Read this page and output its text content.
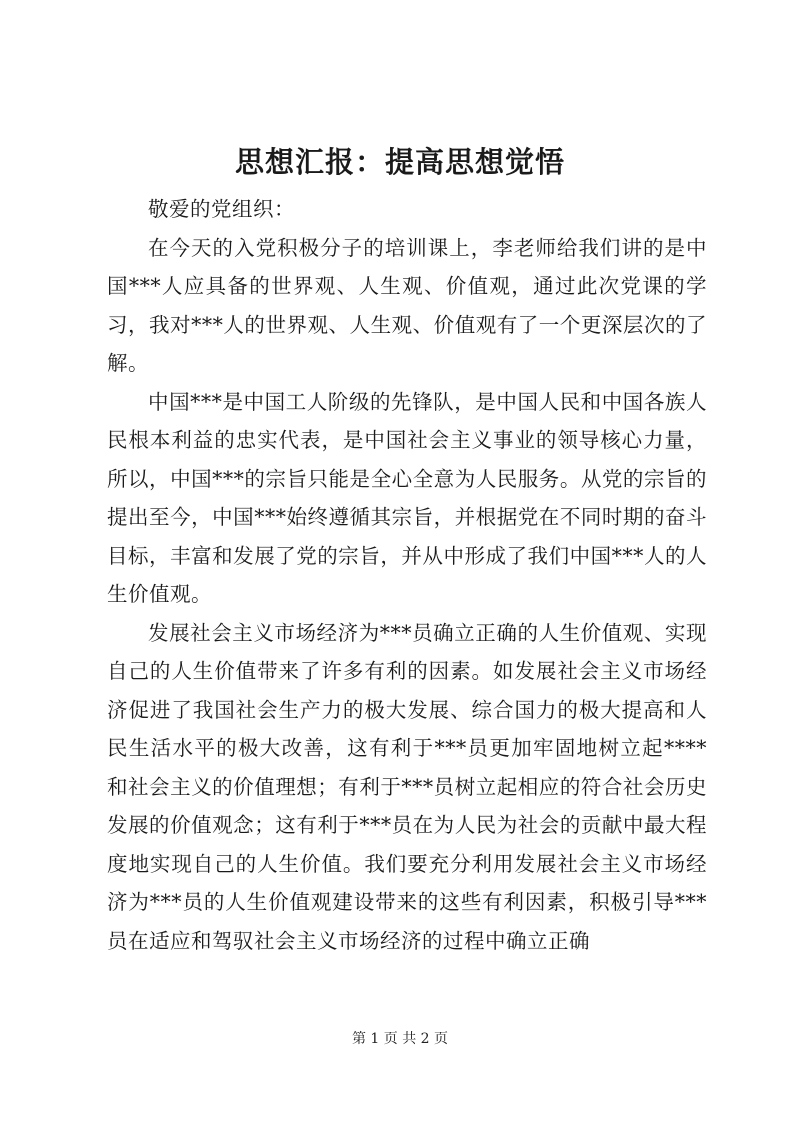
思想汇报：提高思想觉悟

敬爱的党组织：

在今天的入党积极分子的培训课上，李老师给我们讲的是中国***人应具备的世界观、人生观、价值观，通过此次党课的学习，我对***人的世界观、人生观、价值观有了一个更深层次的了解。

中国***是中国工人阶级的先锋队，是中国人民和中国各族人民根本利益的忠实代表，是中国社会主义事业的领导核心力量，所以，中国***的宗旨只能是全心全意为人民服务。从党的宗旨的提出至今，中国***始终遵循其宗旨，并根据党在不同时期的奋斗目标，丰富和发展了党的宗旨，并从中形成了我们中国***人的人生价值观。

发展社会主义市场经济为***员确立正确的人生价值观、实现自己的人生价值带来了许多有利的因素。如发展社会主义市场经济促进了我国社会生产力的极大发展、综合国力的极大提高和人民生活水平的极大改善，这有利于***员更加牢固地树立起****和社会主义的价值理想；有利于***员树立起相应的符合社会历史发展的价值观念；这有利于***员在为人民为社会的贡献中最大程度地实现自己的人生价值。我们要充分利用发展社会主义市场经济为***员的人生价值观建设带来的这些有利因素，积极引导***员在适应和驾驭社会主义市场经济的过程中确立正确

第 1 页 共 2 页
